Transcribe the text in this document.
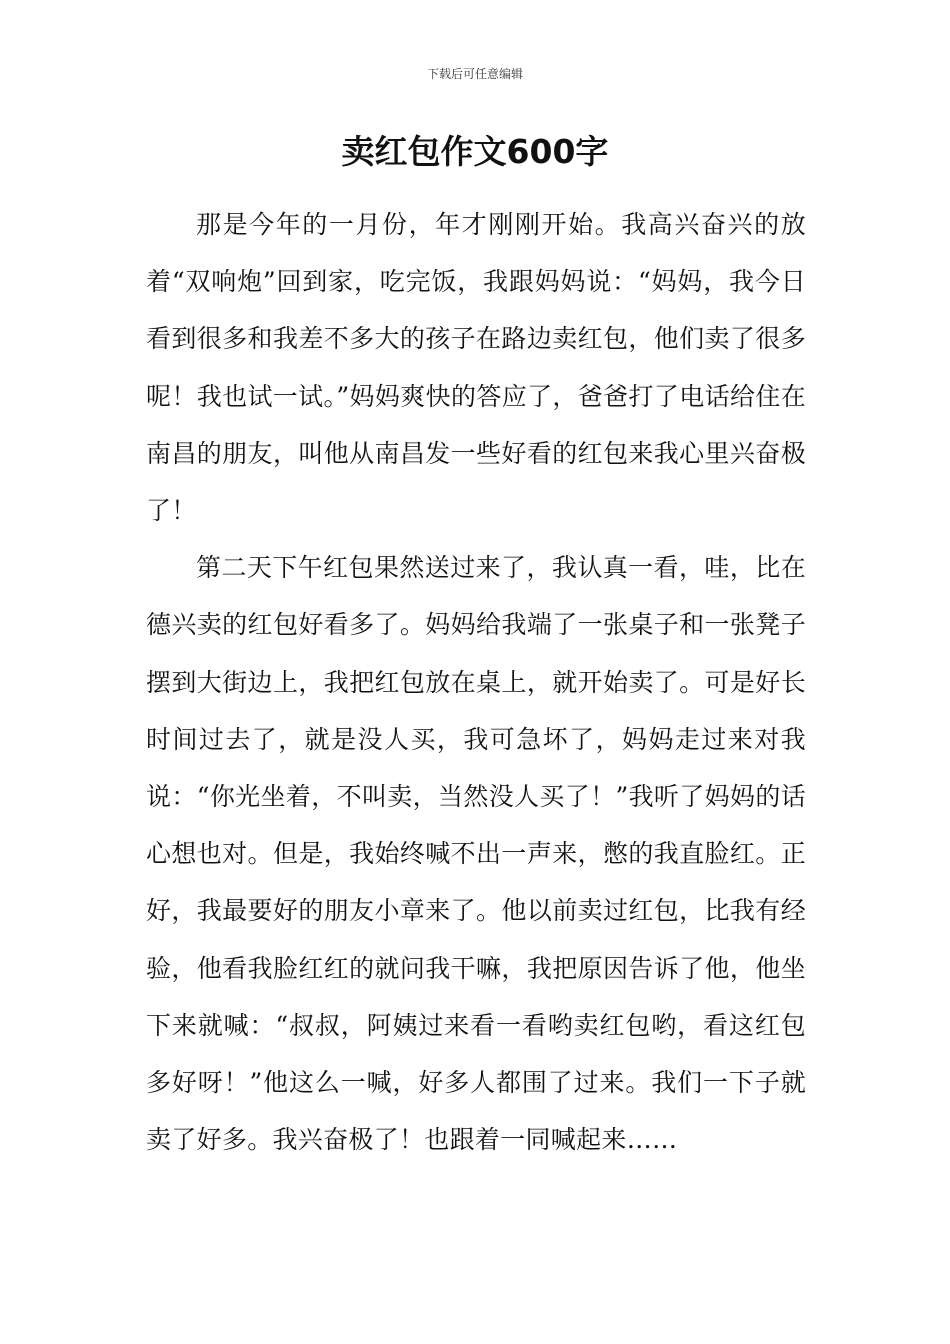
下载后可任意编辑
卖红包作文600字

那是今年的一月份，年才刚刚开始。我高兴奋兴的放着“双响炮”回到家，吃完饭，我跟妈妈说：“妈妈，我今日看到很多和我差不多大的孩子在路边卖红包，他们卖了很多呢！我也试一试。”妈妈爽快的答应了，爸爸打了电话给住在南昌的朋友，叫他从南昌发一些好看的红包来我心里兴奋极了！

第二天下午红包果然送过来了，我认真一看，哇，比在德兴卖的红包好看多了。妈妈给我端了一张桌子和一张凳子摆到大街边上，我把红包放在桌上，就开始卖了。可是好长时间过去了，就是没人买，我可急坏了，妈妈走过来对我说：“你光坐着，不叫卖，当然没人买了！”我听了妈妈的话心想也对。但是，我始终喊不出一声来，憋的我直脸红。正好，我最要好的朋友小章来了。他以前卖过红包，比我有经验，他看我脸红红的就问我干嘛，我把原因告诉了他，他坐下来就喊：“叔叔，阿姨过来看一看哟卖红包哟，看这红包多好呀！”他这么一喊，好多人都围了过来。我们一下子就卖了好多。我兴奋极了！也跟着一同喊起来……
